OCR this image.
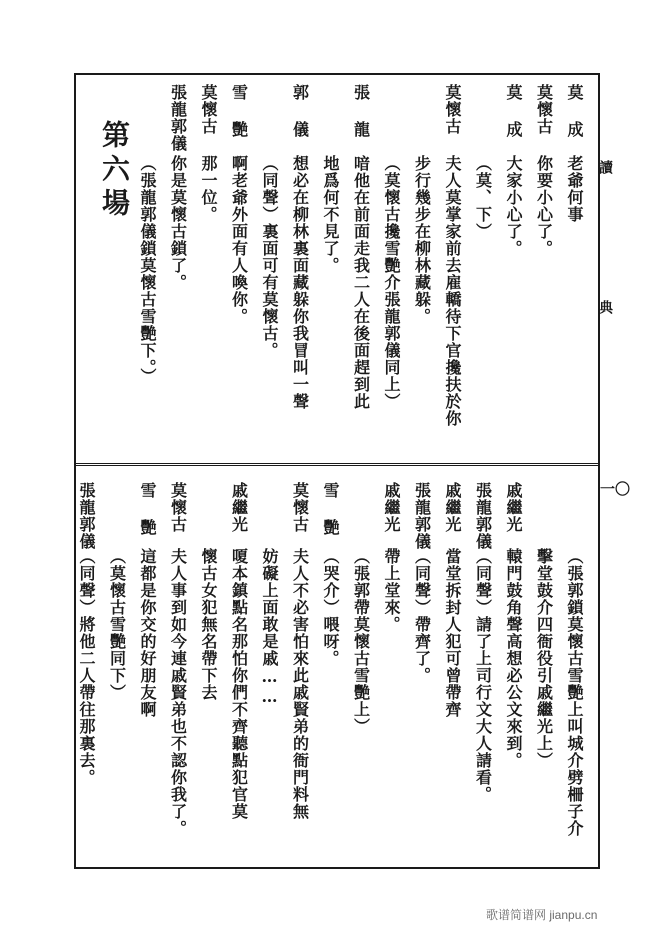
讀
典
一〇
第六場
莫 成
老爺何事
莫懷古
你要小心了。
莫 成
大家小心了。
（莫、下）
莫懷古
夫人莫掌家前去雇轎待下官攙扶於你
步行幾步在柳林藏躲。
（莫懷古攙雪艷介張龍郭儀同上）
張 龍
喑他在前面走我二人在後面趕到此
地爲何不見了。
郭 儀
想必在柳林裏面藏躲你我冒叫一聲
（同聲）裏面可有莫懷古。
雪 艷
啊老爺外面有人喚你。
莫懷古
那一位。
張龍郭儀
你是莫懷古鎖了。
（張龍郭儀鎖莫懷古雪艷下。）
（張郭鎖莫懷古雪艷上叫城介劈柵子介
擊堂鼓介四衙役引戚繼光上）
戚繼光
轅門鼓角聲高想必公文來到。
張龍郭儀
（同聲）請了上司行文大人請看。
戚繼光
當堂拆封人犯可曾帶齊
張龍郭儀
（同聲）帶齊了。
戚繼光
帶上堂來。
（張郭帶莫懷古雪艷上）
雪 艷
（哭介）喂呀。
莫懷古
夫人不必害怕來此戚賢弟的衙門料無
妨礙上面敢是戚……
戚繼光
嗄本鎮點名那怕你們不齊聽點犯官莫
懷古女犯無名帶下去
莫懷古
夫人事到如今連戚賢弟也不認你我了。
雪 艷
這都是你交的好朋友啊
（莫懷古雪艷同下）
張龍郭儀
（同聲）將他二人帶往那裏去。
歌谱简谱网 jianpu.cn
